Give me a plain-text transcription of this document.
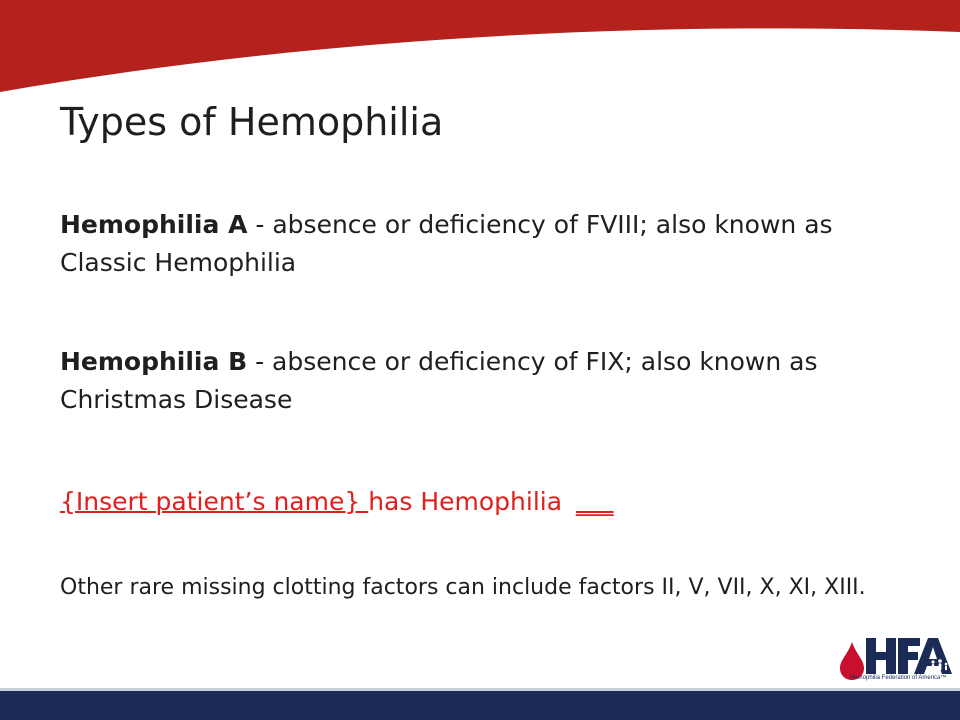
Types of Hemophilia
Hemophilia A - absence or deficiency of FVIII; also known as Classic Hemophilia
Hemophilia B - absence or deficiency of FIX; also known as Christmas Disease
{Insert patient’s name} has Hemophilia ___
Other rare missing clotting factors can include factors II, V, VII, X, XI, XIII.
Hemophilia Federation of America™
